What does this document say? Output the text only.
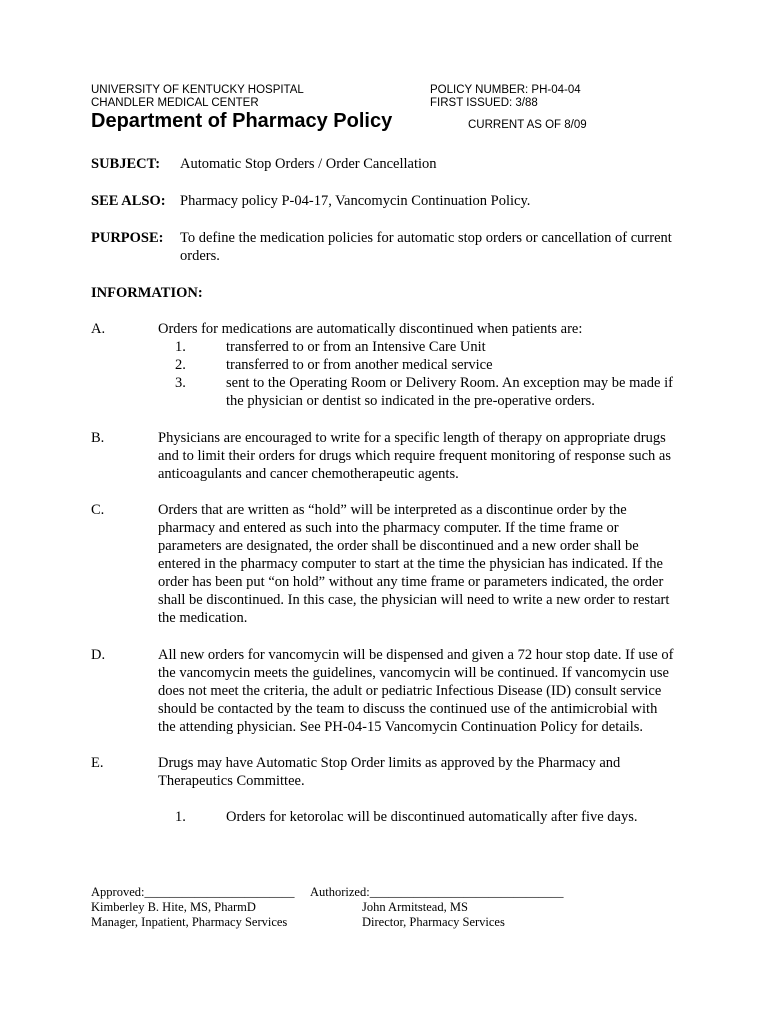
UNIVERSITY OF KENTUCKY HOSPITAL
CHANDLER MEDICAL CENTER
POLICY NUMBER: PH-04-04
FIRST ISSUED: 3/88
Department of Pharmacy Policy	CURRENT AS OF 8/09
SUBJECT: Automatic Stop Orders / Order Cancellation
SEE ALSO: Pharmacy policy P-04-17, Vancomycin Continuation Policy.
PURPOSE: To define the medication policies for automatic stop orders or cancellation of current
orders.
INFORMATION:
A.	Orders for medications are automatically discontinued when patients are:
1.	transferred to or from an Intensive Care Unit
2.	transferred to or from another medical service
3.	sent to the Operating Room or Delivery Room. An exception may be made if
the physician or dentist so indicated in the pre-operative orders.
B.	Physicians are encouraged to write for a specific length of therapy on appropriate drugs
and to limit their orders for drugs which require frequent monitoring of response such as
anticoagulants and cancer chemotherapeutic agents.
C.	Orders that are written as “hold” will be interpreted as a discontinue order by the
pharmacy and entered as such into the pharmacy computer. If the time frame or
parameters are designated, the order shall be discontinued and a new order shall be
entered in the pharmacy computer to start at the time the physician has indicated. If the
order has been put “on hold” without any time frame or parameters indicated, the order
shall be discontinued. In this case, the physician will need to write a new order to restart
the medication.
D.	All new orders for vancomycin will be dispensed and given a 72 hour stop date. If use of
the vancomycin meets the guidelines, vancomycin will be continued. If vancomycin use
does not meet the criteria, the adult or pediatric Infectious Disease (ID) consult service
should be contacted by the team to discuss the continued use of the antimicrobial with
the attending physician. See PH-04-15 Vancomycin Continuation Policy for details.
E.	Drugs may have Automatic Stop Order limits as approved by the Pharmacy and
Therapeutics Committee.
1.	Orders for ketorolac will be discontinued automatically after five days.
Approved:________________________ Authorized:_______________________________
Kimberley B. Hite, MS, PharmD
Manager, Inpatient, Pharmacy Services
John Armitstead, MS
Director, Pharmacy Services
